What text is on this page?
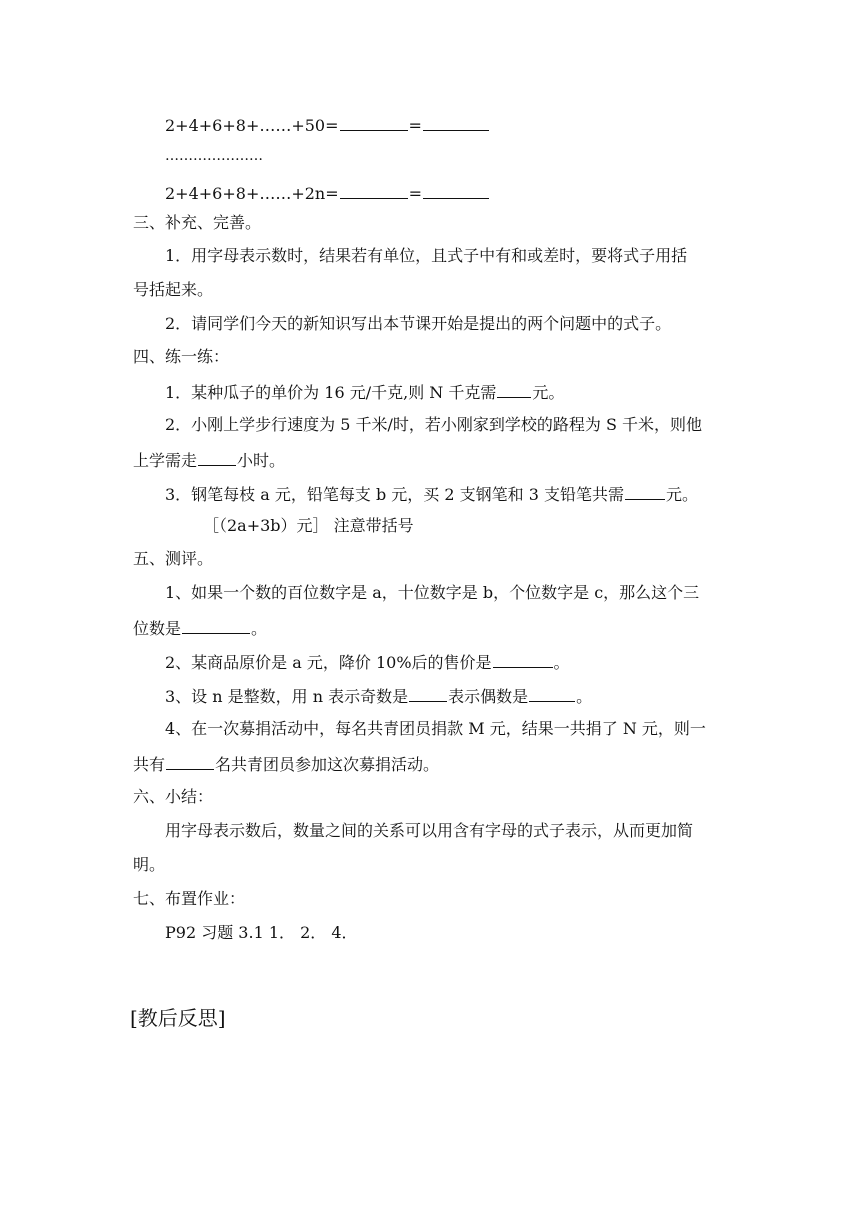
2+4+6+8+……+50=	=
…………………
2+4+6+8+……+2n=	=
三、补充、完善。
1．用字母表示数时，结果若有单位，且式子中有和或差时，要将式子用括
号括起来。
2．请同学们今天的新知识写出本节课开始是提出的两个问题中的式子。
四、练一练：
1．某种瓜子的单价为 16 元/千克,则 N 千克需 元。
2．小刚上学步行速度为 5 千米/时，若小刚家到学校的路程为 S 千米，则他
上学需走	小时。
3．钢笔每枝 a 元，铅笔每支 b 元，买 2 支钢笔和 3 支铅笔共需	元。
［（2a+3b）元］ 注意带括号
五、测评。
1、如果一个数的百位数字是 a，十位数字是 b，个位数字是 c，那么这个三
位数是	。
2、某商品原价是 a 元，降价 10%后的售价是	。
3、设 n 是整数，用 n 表示奇数是	表示偶数是	。
4、在一次募捐活动中，每名共青团员捐款 M 元，结果一共捐了 N 元，则一
共有	名共青团员参加这次募捐活动。
六、小结：
用字母表示数后，数量之间的关系可以用含有字母的式子表示，从而更加简
明。
七、布置作业：
P92 习题 3.1 1． 2． 4．
[教后反思]
